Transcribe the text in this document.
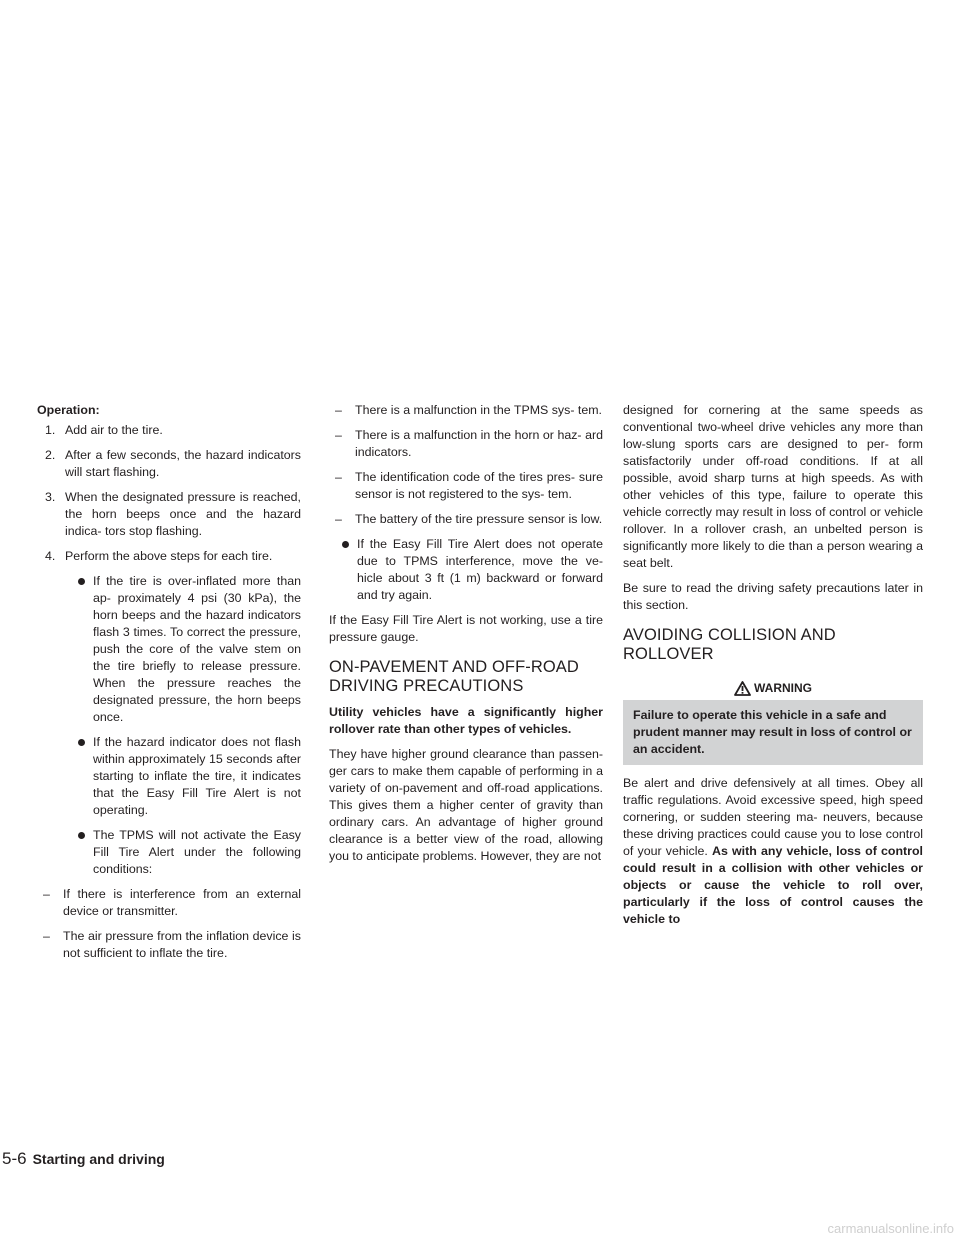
Operation:
1. Add air to the tire.
2. After a few seconds, the hazard indicators will start flashing.
3. When the designated pressure is reached, the horn beeps once and the hazard indica- tors stop flashing.
4. Perform the above steps for each tire.
If the tire is over-inflated more than ap- proximately 4 psi (30 kPa), the horn beeps and the hazard indicators flash 3 times. To correct the pressure, push the core of the valve stem on the tire briefly to release pressure. When the pressure reaches the designated pressure, the horn beeps once.
If the hazard indicator does not flash within approximately 15 seconds after starting to inflate the tire, it indicates that the Easy Fill Tire Alert is not operating.
The TPMS will not activate the Easy Fill Tire Alert under the following conditions:
– If there is interference from an external device or transmitter.
– The air pressure from the inflation device is not sufficient to inflate the tire.
– There is a malfunction in the TPMS sys- tem.
– There is a malfunction in the horn or haz- ard indicators.
– The identification code of the tires pres- sure sensor is not registered to the sys- tem.
– The battery of the tire pressure sensor is low.
If the Easy Fill Tire Alert does not operate due to TPMS interference, move the ve- hicle about 3 ft (1 m) backward or forward and try again.

If the Easy Fill Tire Alert is not working, use a tire pressure gauge.

ON-PAVEMENT AND OFF-ROAD DRIVING PRECAUTIONS

Utility vehicles have a significantly higher rollover rate than other types of vehicles.

They have higher ground clearance than passen- ger cars to make them capable of performing in a variety of on-pavement and off-road applications. This gives them a higher center of gravity than ordinary cars. An advantage of higher ground clearance is a better view of the road, allowing you to anticipate problems. However, they are not

designed for cornering at the same speeds as conventional two-wheel drive vehicles any more than low-slung sports cars are designed to per- form satisfactorily under off-road conditions. If at all possible, avoid sharp turns at high speeds. As with other vehicles of this type, failure to operate this vehicle correctly may result in loss of control or vehicle rollover. In a rollover crash, an unbelted person is significantly more likely to die than a person wearing a seat belt.

Be sure to read the driving safety precautions later in this section.

AVOIDING COLLISION AND ROLLOVER
WARNING
Failure to operate this vehicle in a safe and prudent manner may result in loss of control or an accident.

Be alert and drive defensively at all times. Obey all traffic regulations. Avoid excessive speed, high speed cornering, or sudden steering ma- neuvers, because these driving practices could cause you to lose control of your vehicle. As with any vehicle, loss of control could result in a collision with other vehicles or objects or cause the vehicle to roll over, particularly if the loss of control causes the vehicle to

5-6 Starting and driving
carmanualsonline.info
